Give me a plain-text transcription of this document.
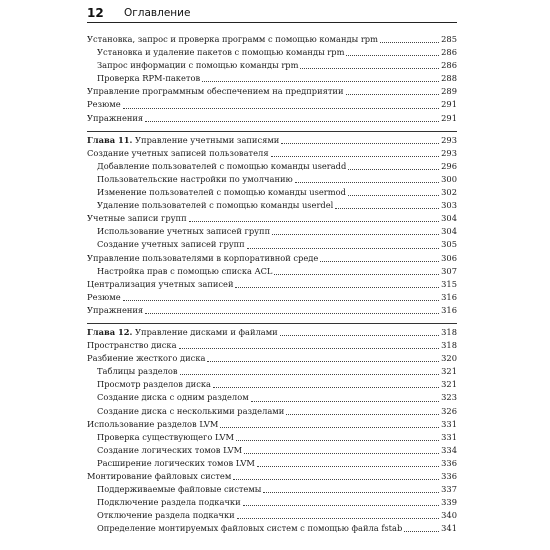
12 Оглавление
Установка, запрос и проверка программ с помощью команды rpm	285
Установка и удаление пакетов с помощью команды rpm	286
Запрос информации с помощью команды rpm	286
Проверка RPM-пакетов	288
Управление программным обеспечением на предприятии	289
Резюме	291
Упражнения	291
Глава 11. Управление учетными записями	293
Создание учетных записей пользователя	293
Добавление пользователей с помощью команды useradd	296
Пользовательские настройки по умолчанию	300
Изменение пользователей с помощью команды usermod	302
Удаление пользователей с помощью команды userdel	303
Учетные записи групп	304
Использование учетных записей групп	304
Создание учетных записей групп	305
Управление пользователями в корпоративной среде	306
Настройка прав с помощью списка ACL	307
Централизация учетных записей	315
Резюме	316
Упражнения	316
Глава 12. Управление дисками и файлами	318
Пространство диска	318
Разбиение жесткого диска	320
Таблицы разделов	321
Просмотр разделов диска	321
Создание диска с одним разделом	323
Создание диска с несколькими разделами	326
Использование разделов LVM	331
Проверка существующего LVM	331
Создание логических томов LVM	334
Расширение логических томов LVM	336
Монтирование файловых систем	336
Поддерживаемые файловые системы	337
Подключение раздела подкачки	339
Отключение раздела подкачки	340
Определение монтируемых файловых систем с помощью файла fstab	341
